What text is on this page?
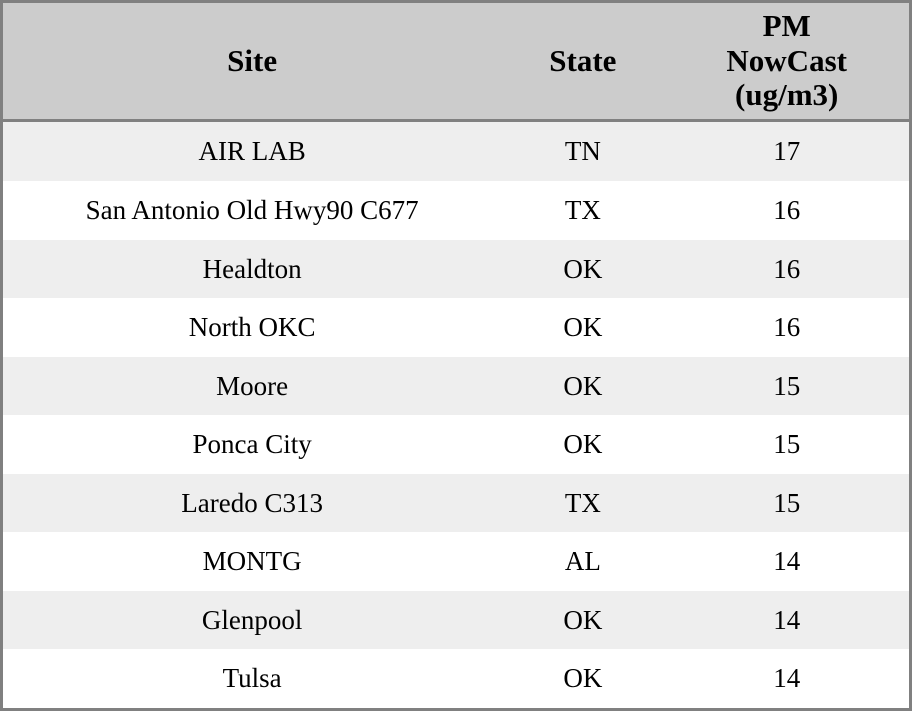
Site	State	PM
NowCast
(ug/m3)

AIR LAB	TN	17
San Antonio Old Hwy90 C677	TX	16
Healdton	OK	16
North OKC	OK	16
Moore	OK	15
Ponca City	OK	15
Laredo C313	TX	15
MONTG	AL	14
Glenpool	OK	14
Tulsa	OK	14
